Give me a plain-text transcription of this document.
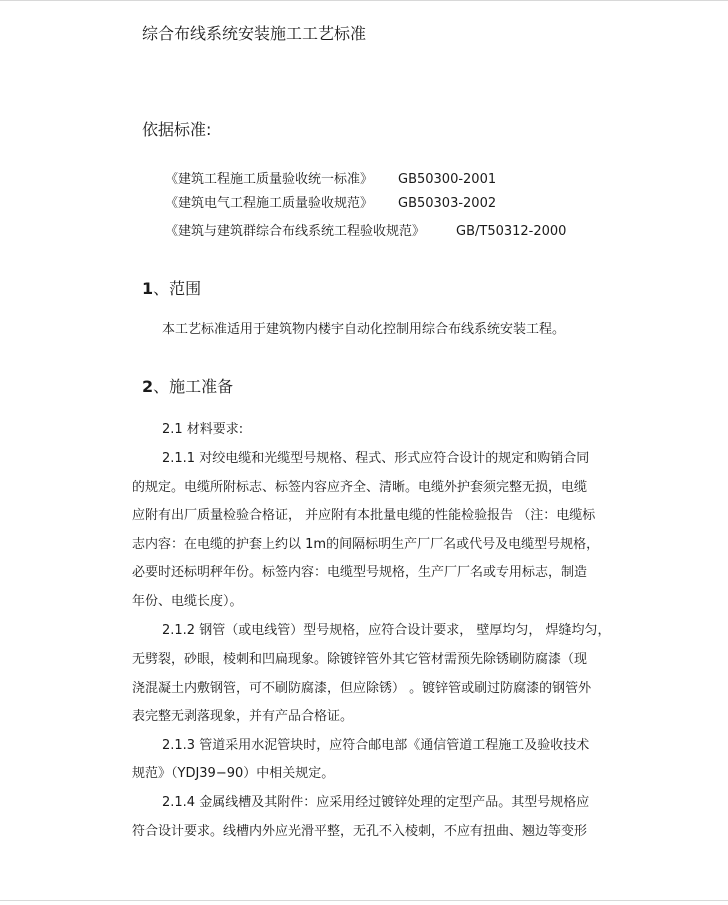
综合布线系统安装施工工艺标准
依据标准:
《建筑工程施工质量验收统一标准》 GB50300-2001
《建筑电气工程施工质量验收规范》 GB50303-2002
《建筑与建筑群综合布线系统工程验收规范》 GB/T50312-2000
1、范围
本工艺标准适用于建筑物内楼宇自动化控制用综合布线系统安装工程。
2、施工准备
2.1 材料要求:
2.1.1 对绞电缆和光缆型号规格、程式、形式应符合设计的规定和购销合同
的规定。电缆所附标志、标签内容应齐全、清晰。电缆外护套须完整无损，电缆
应附有出厂质量检验合格证， 并应附有本批量电缆的性能检验报告 （注：电缆标
志内容：在电缆的护套上约以 1m的间隔标明生产厂厂名或代号及电缆型号规格，
必要时还标明秤年份。标签内容：电缆型号规格，生产厂厂名或专用标志，制造
年份、电缆长度）。
2.1.2 钢管（或电线管）型号规格，应符合设计要求， 壁厚均匀， 焊缝均匀，
无劈裂，砂眼，棱刺和凹扁现象。除镀锌管外其它管材需预先除锈刷防腐漆（现
浇混凝土内敷钢管，可不刷防腐漆，但应除锈） 。镀锌管或刷过防腐漆的钢管外
表完整无剥落现象，并有产品合格证。
2.1.3 管道采用水泥管块时，应符合邮电部《通信管道工程施工及验收技术
规范》（YDJ39−90）中相关规定。
2.1.4 金属线槽及其附件：应采用经过镀锌处理的定型产品。其型号规格应
符合设计要求。线槽内外应光滑平整，无孔不入棱刺，不应有扭曲、翘边等变形
